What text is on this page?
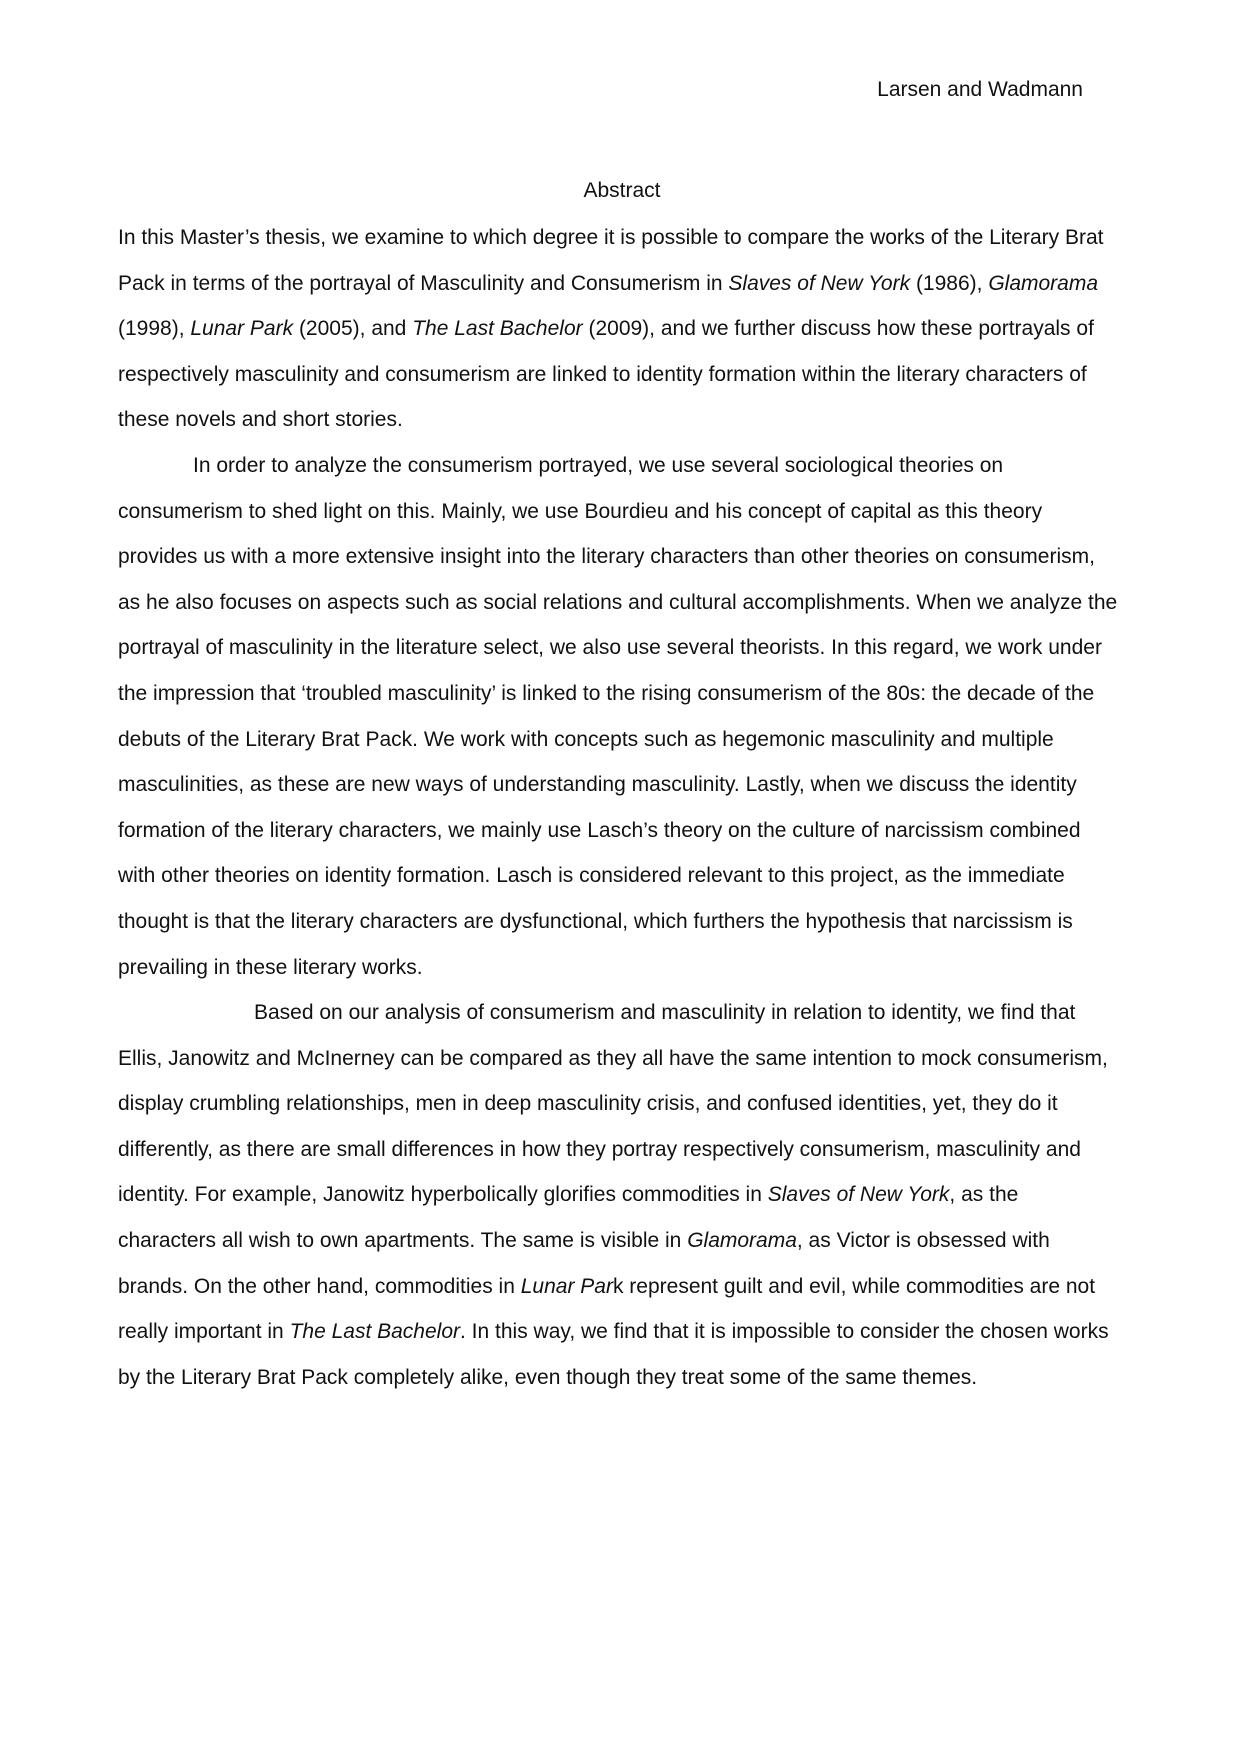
Larsen and Wadmann
Abstract

In this Master’s thesis, we examine to which degree it is possible to compare the works of the Literary Brat Pack in terms of the portrayal of Masculinity and Consumerism in Slaves of New York (1986), Glamorama (1998), Lunar Park (2005), and The Last Bachelor (2009), and we further discuss how these portrayals of respectively masculinity and consumerism are linked to identity formation within the literary characters of these novels and short stories.

In order to analyze the consumerism portrayed, we use several sociological theories on consumerism to shed light on this. Mainly, we use Bourdieu and his concept of capital as this theory provides us with a more extensive insight into the literary characters than other theories on consumerism, as he also focuses on aspects such as social relations and cultural accomplishments. When we analyze the portrayal of masculinity in the literature select, we also use several theorists. In this regard, we work under the impression that ‘troubled masculinity’ is linked to the rising consumerism of the 80s: the decade of the debuts of the Literary Brat Pack. We work with concepts such as hegemonic masculinity and multiple masculinities, as these are new ways of understanding masculinity. Lastly, when we discuss the identity formation of the literary characters, we mainly use Lasch’s theory on the culture of narcissism combined with other theories on identity formation. Lasch is considered relevant to this project, as the immediate thought is that the literary characters are dysfunctional, which furthers the hypothesis that narcissism is prevailing in these literary works.

Based on our analysis of consumerism and masculinity in relation to identity, we find that Ellis, Janowitz and McInerney can be compared as they all have the same intention to mock consumerism, display crumbling relationships, men in deep masculinity crisis, and confused identities, yet, they do it differently, as there are small differences in how they portray respectively consumerism, masculinity and identity. For example, Janowitz hyperbolically glorifies commodities in Slaves of New York, as the characters all wish to own apartments. The same is visible in Glamorama, as Victor is obsessed with brands. On the other hand, commodities in Lunar Park represent guilt and evil, while commodities are not really important in The Last Bachelor. In this way, we find that it is impossible to consider the chosen works by the Literary Brat Pack completely alike, even though they treat some of the same themes.
